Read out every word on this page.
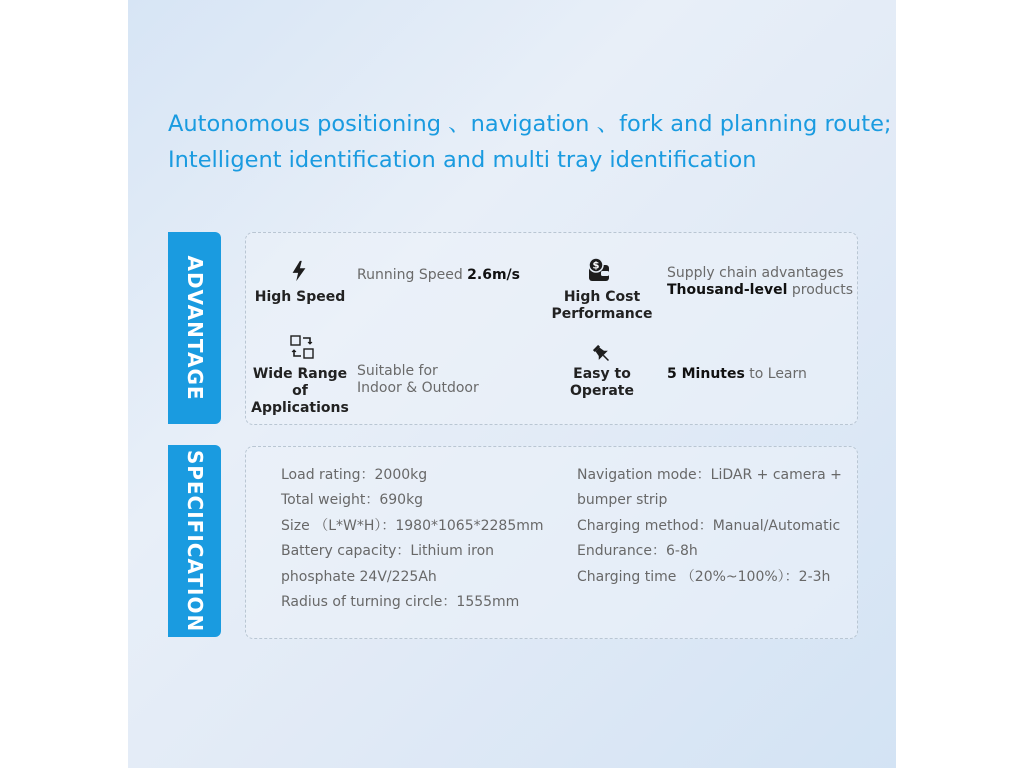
Autonomous positioning 、navigation 、fork and planning route;
Intelligent identification and multi tray identification
ADVANTAGE	High Speed
Running Speed 2.6m/s
$
High Cost Performance
Supply chain advantages
Thousand-level products
Wide Range of Applications
Suitable for
Indoor & Outdoor
Easy to Operate
5 Minutes to Learn
SPECIFICATION	Load rating：2000kg
Total weight：690kg
Size （L*W*H）：1980*1065*2285mm
Battery capacity：Lithium iron
phosphate 24V/225Ah
Radius of turning circle：1555mm
Navigation mode：LiDAR + camera +
bumper strip
Charging method：Manual/Automatic
Endurance：6-8h
Charging time （20%~100%）：2-3h
